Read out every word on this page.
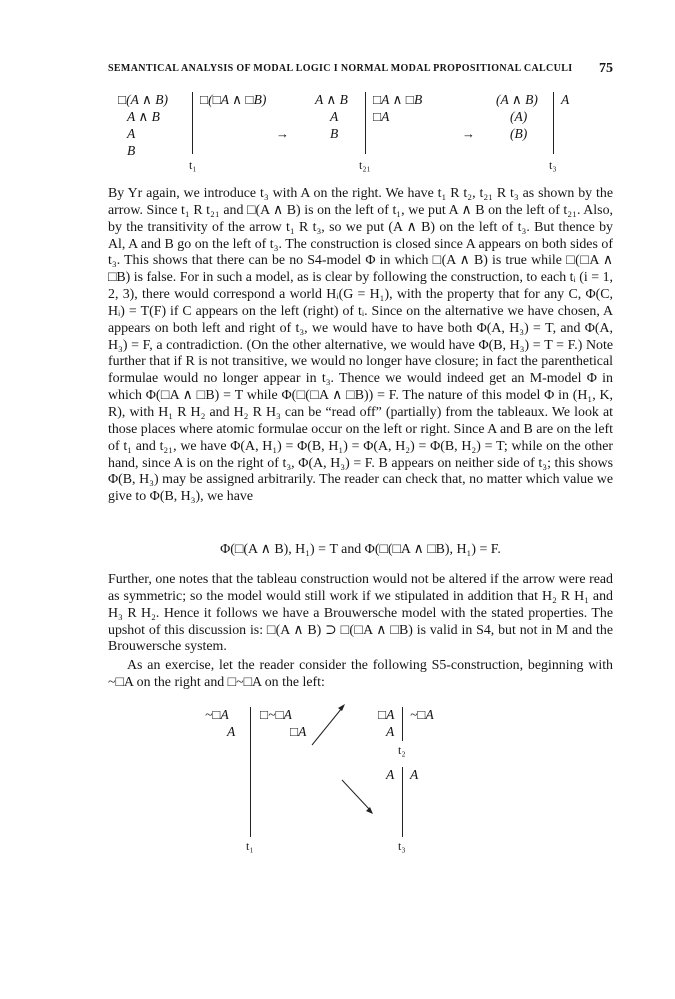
SEMANTICAL ANALYSIS OF MODAL LOGIC I NORMAL MODAL PROPOSITIONAL CALCULI 75
□(A ∧ B)
A ∧ B
A
B
□(□A ∧ □B)
t₁
→
A ∧ B
A
B
□A ∧ □B
□A
t₂₁
→
(A ∧ B)
(A)
(B)
A
t₃

By Yr again, we introduce t₃ with A on the right. We have t₁ R t₂, t₂₁ R t₃ as shown by the arrow. Since t₁ R t₂₁ and □(A ∧ B) is on the left of t₁, we put A ∧ B on the left of t₂₁. Also, by the transitivity of the arrow t₁ R t₃, so we put (A ∧ B) on the left of t₃. But thence by Al, A and B go on the left of t₃. The construction is closed since A appears on both sides of t₃. This shows that there can be no S4-model Φ in which □(A ∧ B) is true while □(□A ∧ □B) is false. For in such a model, as is clear by following the construction, to each tᵢ (i = 1, 2, 3), there would correspond a world Hᵢ(G = H₁), with the property that for any C, Φ(C, Hᵢ) = T(F) if C appears on the left (right) of tᵢ. Since on the alternative we have chosen, A appears on both left and right of t₃, we would have to have both Φ(A, H₃) = T, and Φ(A, H₃) = F, a contradiction. (On the other alternative, we would have Φ(B, H₃) = T = F.) Note further that if R is not transitive, we would no longer have closure; in fact the parenthetical formulae would no longer appear in t₃. Thence we would indeed get an M-model Φ in which Φ(□A ∧ □B) = T while Φ(□(□A ∧ □B)) = F. The nature of this model Φ in (H₁, K, R), with H₁ R H₂ and H₂ R H₃ can be “read off” (partially) from the tableaux. We look at those places where atomic formulae occur on the left or right. Since A and B are on the left of t₁ and t₂₁, we have Φ(A, H₁) = Φ(B, H₁) = Φ(A, H₂) = Φ(B, H₂) = T; while on the other hand, since A is on the right of t₃, Φ(A, H₃) = F. B appears on neither side of t₃; this shows Φ(B, H₃) may be assigned arbitrarily. The reader can check that, no matter which value we give to Φ(B, H₃), we have

Φ(□(A ∧ B), H₁) = T and Φ(□(□A ∧ □B), H₁) = F.

Further, one notes that the tableau construction would not be altered if the arrow were read as symmetric; so the model would still work if we stipulated in addition that H₂ R H₁ and H₃ R H₂. Hence it follows we have a Brouwersche model with the stated properties. The upshot of this discussion is: □(A ∧ B) ⊃ □(□A ∧ □B) is valid in S4, but not in M and the Brouwersche system.

As an exercise, let the reader consider the following S5-construction, beginning with ~□A on the right and □~□A on the left:

~□A
A
□~□A
□A
t₁
□A
A
~□A
t₂
A A
t₃
